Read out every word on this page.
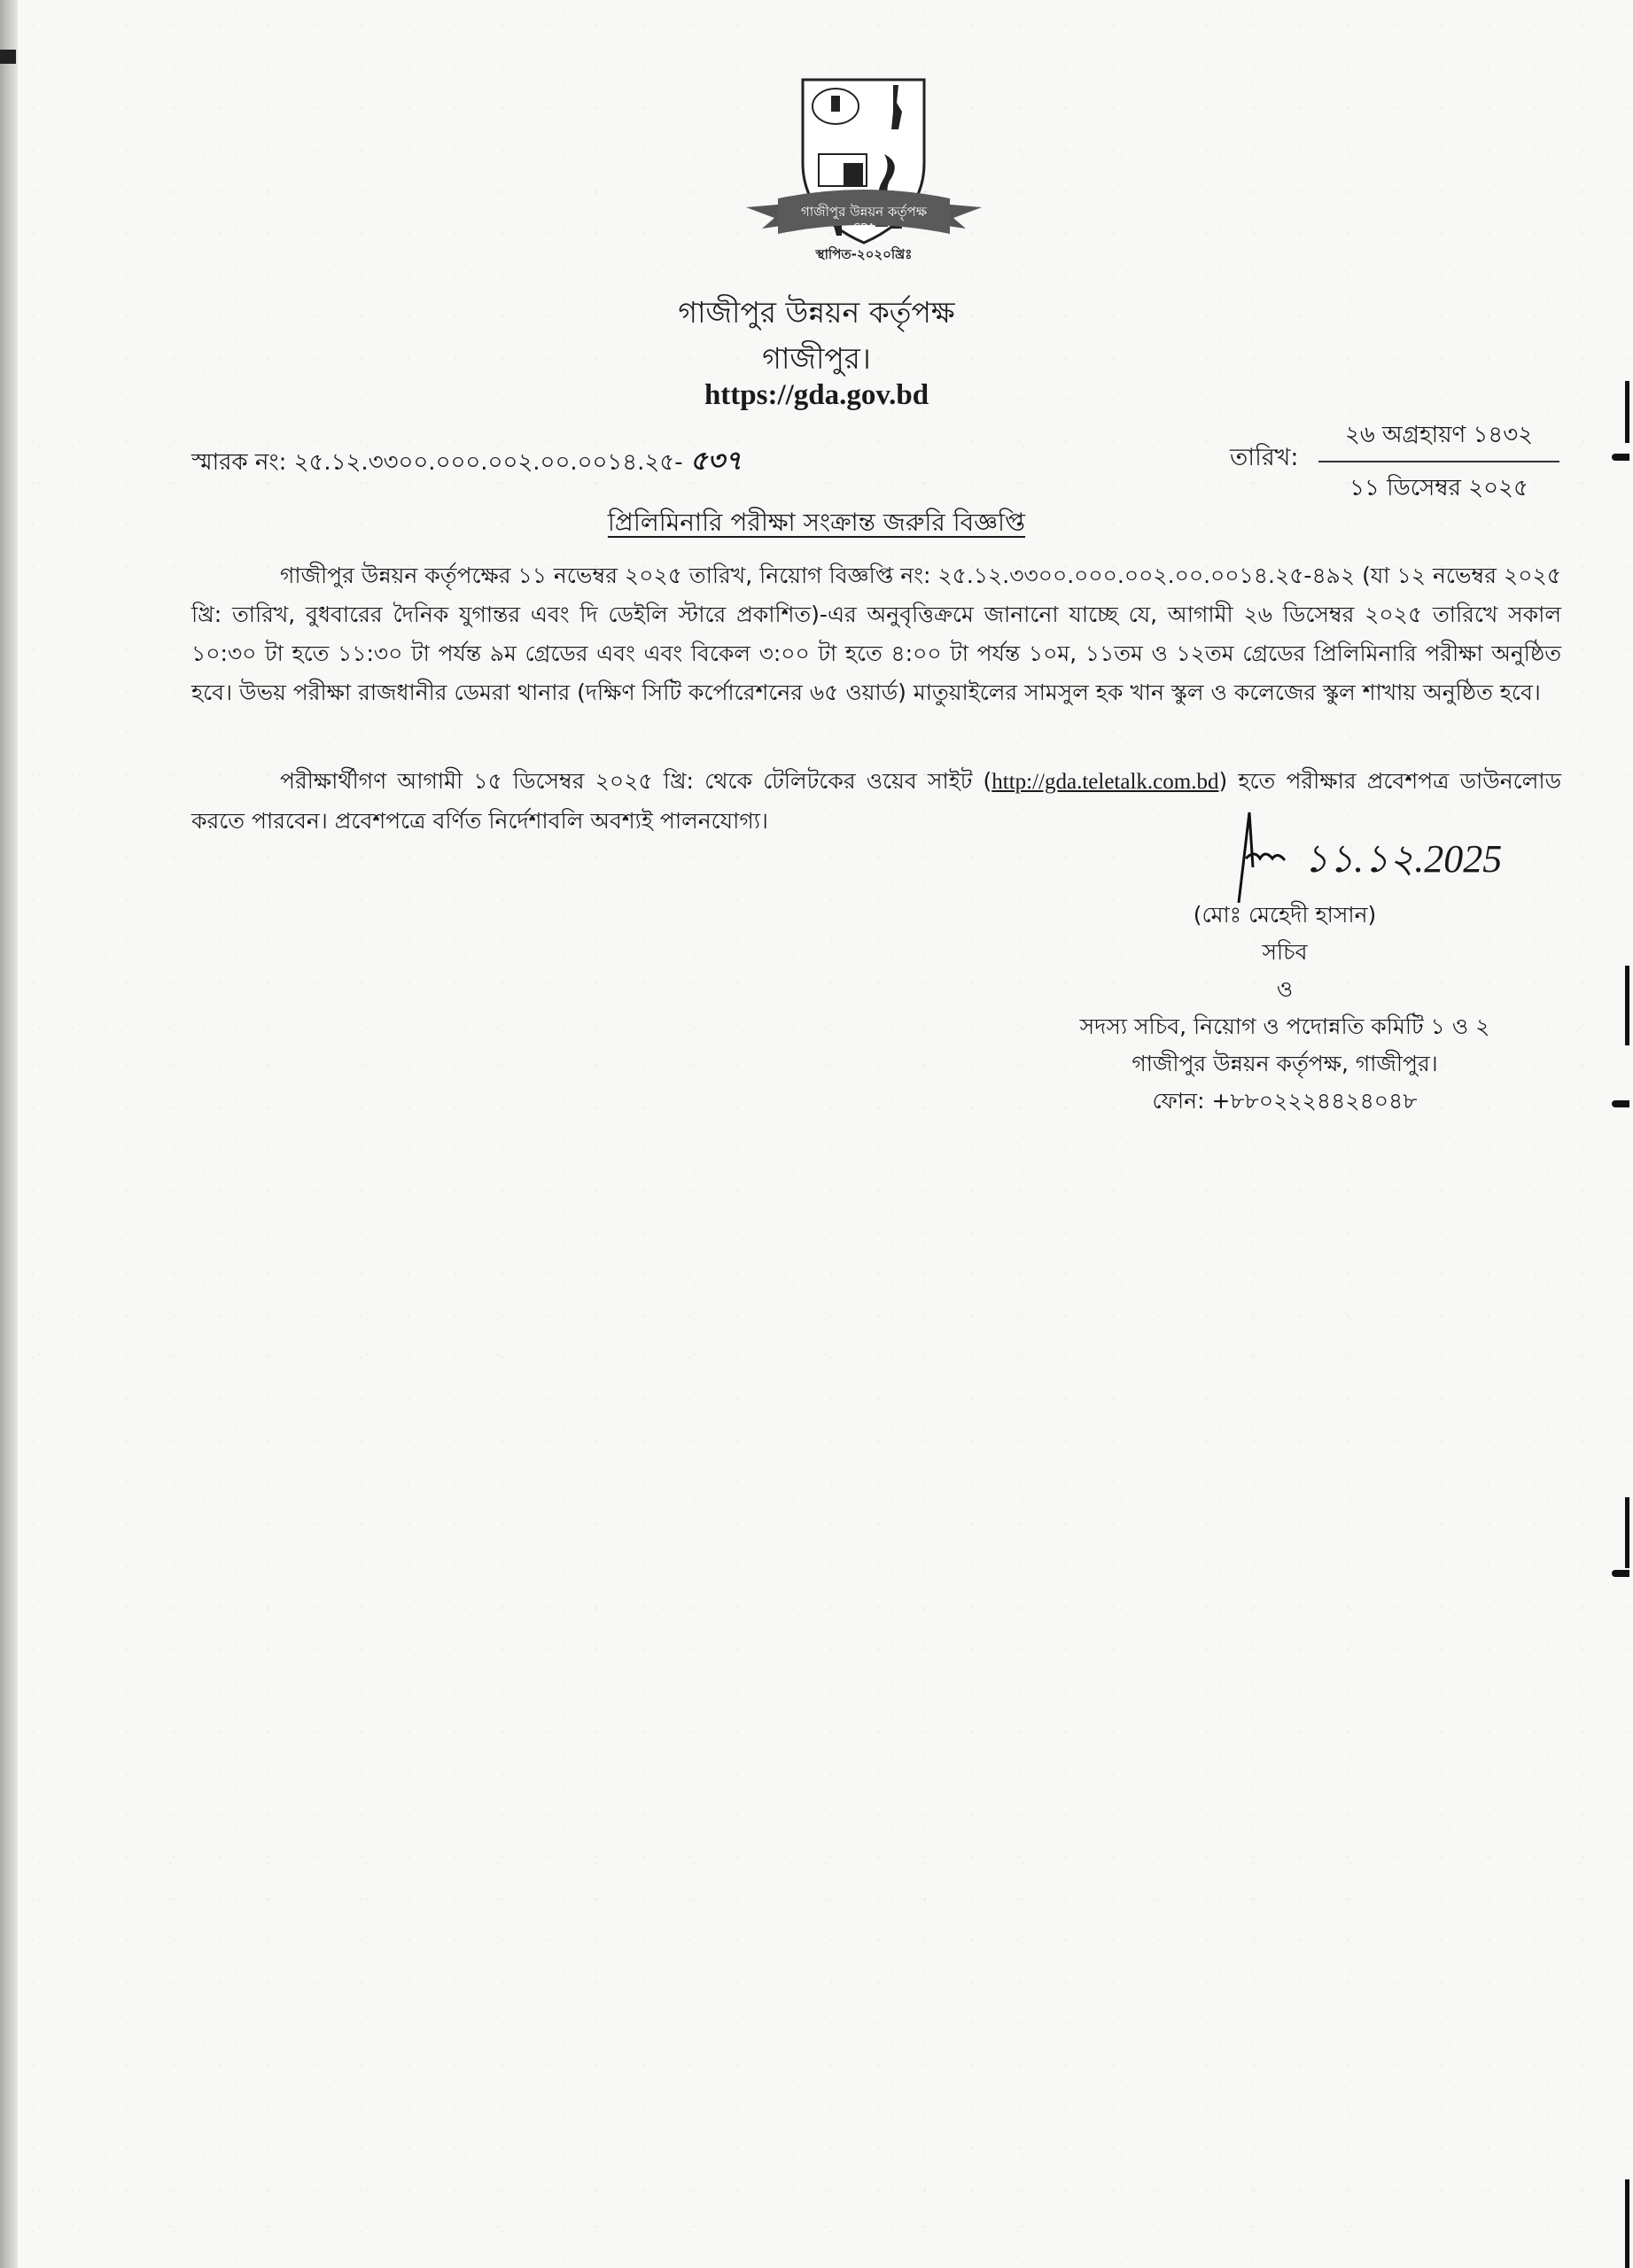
গাজীপুর উন্নয়ন কর্তৃপক্ষ
GDA
স্থাপিত-২০২০খ্রিঃ
গাজীপুর উন্নয়ন কর্তৃপক্ষ
গাজীপুর।
https://gda.gov.bd
স্মারক নং: ২৫.১২.৩৩০০.০০০.০০২.০০.০০১৪.২৫- ৫৩৭	তারিখ:
২৬ অগ্রহায়ণ ১৪৩২
১১ ডিসেম্বর ২০২৫
প্রিলিমিনারি পরীক্ষা সংক্রান্ত জরুরি বিজ্ঞপ্তি
গাজীপুর উন্নয়ন কর্তৃপক্ষের ১১ নভেম্বর ২০২৫ তারিখ, নিয়োগ বিজ্ঞপ্তি নং: ২৫.১২.৩৩০০.০০০.০০২.০০.০০১৪.২৫-৪৯২ (যা ১২ নভেম্বর ২০২৫ খ্রি: তারিখ, বুধবারের দৈনিক যুগান্তর এবং দি ডেইলি স্টারে প্রকাশিত)-এর অনুবৃত্তিক্রমে জানানো যাচ্ছে যে, আগামী ২৬ ডিসেম্বর ২০২৫ তারিখে সকাল ১০:৩০ টা হতে ১১:৩০ টা পর্যন্ত ৯ম গ্রেডের এবং এবং বিকেল ৩:০০ টা হতে ৪:০০ টা পর্যন্ত ১০ম, ১১তম ও ১২তম গ্রেডের প্রিলিমিনারি পরীক্ষা অনুষ্ঠিত হবে। উভয় পরীক্ষা রাজধানীর ডেমরা থানার (দক্ষিণ সিটি কর্পোরেশনের ৬৫ ওয়ার্ড) মাতুয়াইলের সামসুল হক খান স্কুল ও কলেজের স্কুল শাখায় অনুষ্ঠিত হবে।
পরীক্ষার্থীগণ আগামী ১৫ ডিসেম্বর ২০২৫ খ্রি: থেকে টেলিটকের ওয়েব সাইট (http://gda.teletalk.com.bd) হতে পরীক্ষার প্রবেশপত্র ডাউনলোড করতে পারবেন। প্রবেশপত্রে বর্ণিত নির্দেশাবলি অবশ্যই পালনযোগ্য।
১১.১২.2025
(মোঃ মেহেদী হাসান)
সচিব
ও
সদস্য সচিব, নিয়োগ ও পদোন্নতি কমিটি ১ ও ২
গাজীপুর উন্নয়ন কর্তৃপক্ষ, গাজীপুর।
ফোন: +৮৮০২২২৪৪২৪০৪৮
